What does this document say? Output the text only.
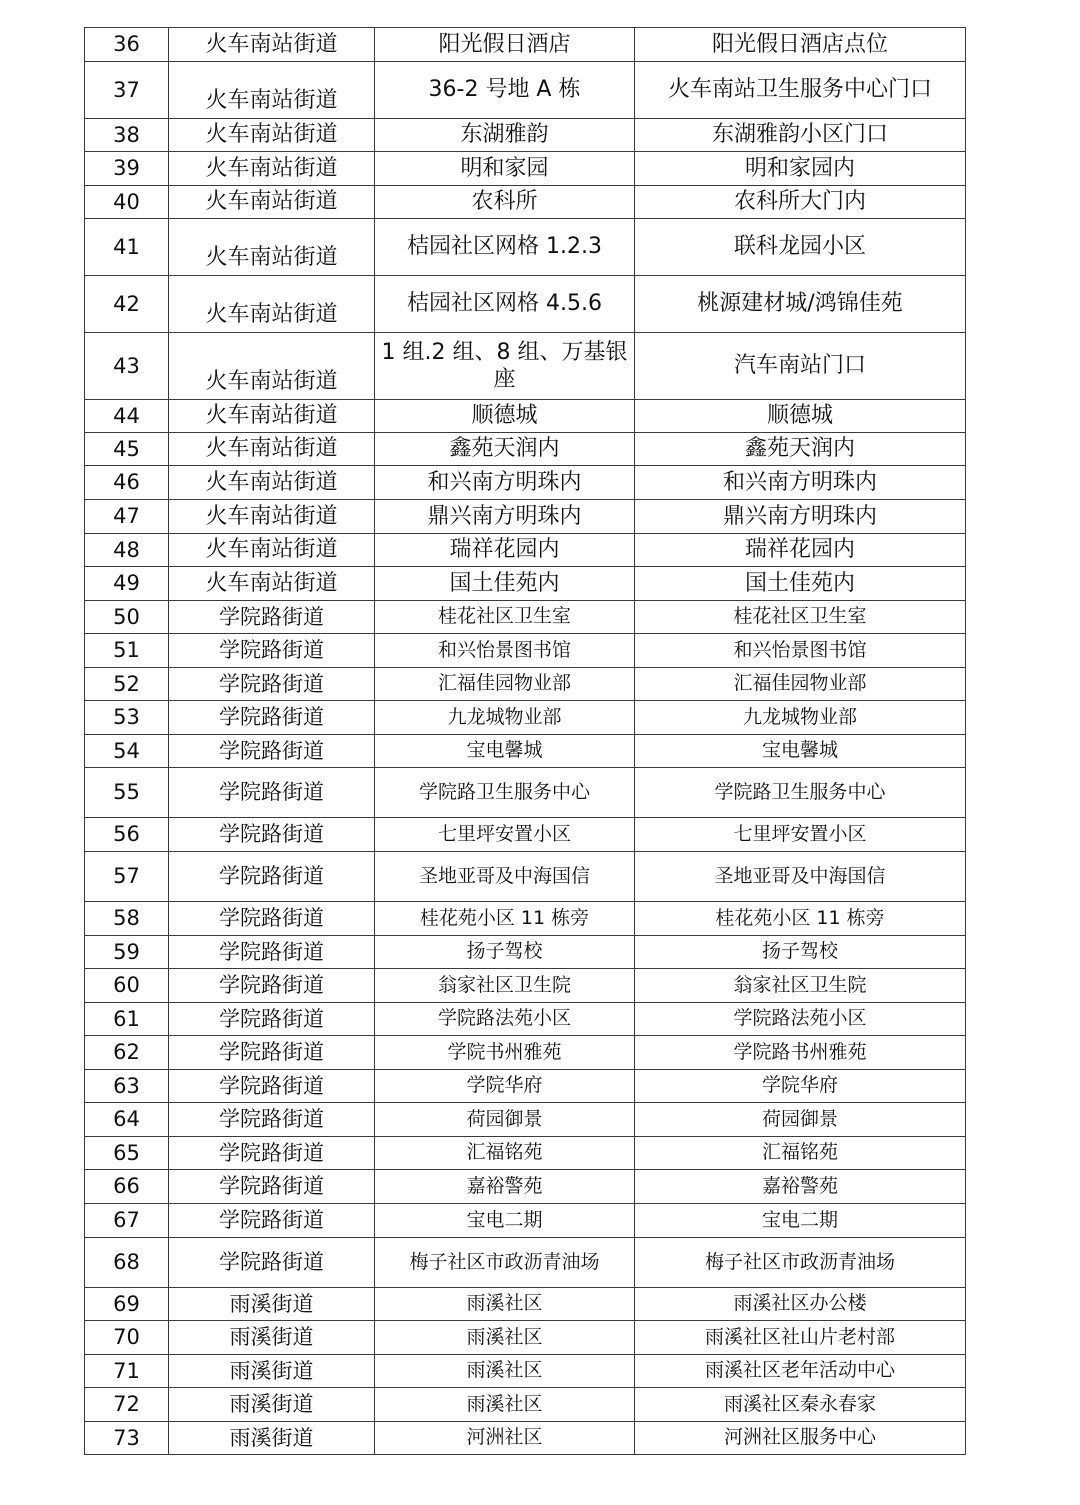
36	火车南站街道	阳光假日酒店	阳光假日酒店点位
37	火车南站街道	36-2 号地 A 栋	火车南站卫生服务中心门口
38	火车南站街道	东湖雅韵	东湖雅韵小区门口
39	火车南站街道	明和家园	明和家园内
40	火车南站街道	农科所	农科所大门内
41	火车南站街道	桔园社区网格 1.2.3	联科龙园小区
42	火车南站街道	桔园社区网格 4.5.6	桃源建材城/鸿锦佳苑
43	火车南站街道	1 组.2 组、8 组、万基银座	汽车南站门口
44	火车南站街道	顺德城	顺德城
45	火车南站街道	鑫苑天润内	鑫苑天润内
46	火车南站街道	和兴南方明珠内	和兴南方明珠内
47	火车南站街道	鼎兴南方明珠内	鼎兴南方明珠内
48	火车南站街道	瑞祥花园内	瑞祥花园内
49	火车南站街道	国土佳苑内	国土佳苑内
50	学院路街道	桂花社区卫生室	桂花社区卫生室
51	学院路街道	和兴怡景图书馆	和兴怡景图书馆
52	学院路街道	汇福佳园物业部	汇福佳园物业部
53	学院路街道	九龙城物业部	九龙城物业部
54	学院路街道	宝电馨城	宝电馨城
55	学院路街道	学院路卫生服务中心	学院路卫生服务中心
56	学院路街道	七里坪安置小区	七里坪安置小区
57	学院路街道	圣地亚哥及中海国信	圣地亚哥及中海国信
58	学院路街道	桂花苑小区 11 栋旁	桂花苑小区 11 栋旁
59	学院路街道	扬子驾校	扬子驾校
60	学院路街道	翁家社区卫生院	翁家社区卫生院
61	学院路街道	学院路法苑小区	学院路法苑小区
62	学院路街道	学院书州雅苑	学院路书州雅苑
63	学院路街道	学院华府	学院华府
64	学院路街道	荷园御景	荷园御景
65	学院路街道	汇福铭苑	汇福铭苑
66	学院路街道	嘉裕警苑	嘉裕警苑
67	学院路街道	宝电二期	宝电二期
68	学院路街道	梅子社区市政沥青油场	梅子社区市政沥青油场
69	雨溪街道	雨溪社区	雨溪社区办公楼
70	雨溪街道	雨溪社区	雨溪社区社山片老村部
71	雨溪街道	雨溪社区	雨溪社区老年活动中心
72	雨溪街道	雨溪社区	雨溪社区秦永春家
73	雨溪街道	河洲社区	河洲社区服务中心
